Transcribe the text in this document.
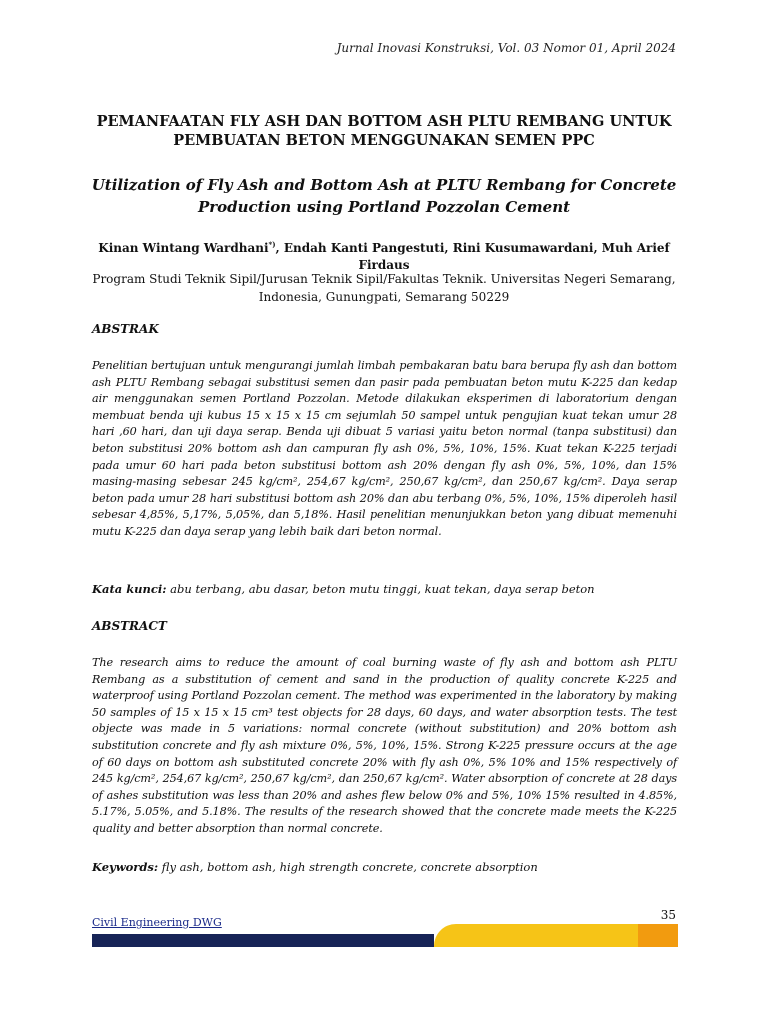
Jurnal Inovasi Konstruksi, Vol. 03 Nomor 01, April 2024
PEMANFAATAN FLY ASH DAN BOTTOM ASH PLTU REMBANG UNTUK
PEMBUATAN BETON MENGGUNAKAN SEMEN PPC
Utilization of Fly Ash and Bottom Ash at PLTU Rembang for Concrete
Production using Portland Pozzolan Cement
Kinan Wintang Wardhani*), Endah Kanti Pangestuti, Rini Kusumawardani, Muh Arief Firdaus
Program Studi Teknik Sipil/Jurusan Teknik Sipil/Fakultas Teknik. Universitas Negeri Semarang,
Indonesia, Gunungpati, Semarang 50229
ABSTRAK
Penelitian bertujuan untuk mengurangi jumlah limbah pembakaran batu bara berupa fly ash dan bottom ash PLTU Rembang sebagai substitusi semen dan pasir pada pembuatan beton mutu K-225 dan kedap air menggunakan semen Portland Pozzolan. Metode dilakukan eksperimen di laboratorium dengan membuat benda uji kubus 15 x 15 x 15 cm sejumlah 50 sampel untuk pengujian kuat tekan umur 28 hari ,60 hari, dan uji daya serap. Benda uji dibuat 5 variasi yaitu beton normal (tanpa substitusi) dan beton substitusi 20% bottom ash dan campuran fly ash 0%, 5%, 10%, 15%. Kuat tekan K-225 terjadi pada umur 60 hari pada beton substitusi bottom ash 20% dengan fly ash 0%, 5%, 10%, dan 15% masing-masing sebesar 245 kg/cm², 254,67 kg/cm², 250,67 kg/cm², dan 250,67 kg/cm². Daya serap beton pada umur 28 hari substitusi bottom ash 20% dan abu terbang 0%, 5%, 10%, 15% diperoleh hasil sebesar 4,85%, 5,17%, 5,05%, dan 5,18%. Hasil penelitian menunjukkan beton yang dibuat memenuhi mutu K-225 dan daya serap yang lebih baik dari beton normal.
Kata kunci: abu terbang, abu dasar, beton mutu tinggi, kuat tekan, daya serap beton
ABSTRACT
The research aims to reduce the amount of coal burning waste of fly ash and bottom ash PLTU Rembang as a substitution of cement and sand in the production of quality concrete K-225 and waterproof using Portland Pozzolan cement. The method was experimented in the laboratory by making 50 samples of 15 x 15 x 15 cm³ test objects for 28 days, 60 days, and water absorption tests. The test objecte was made in 5 variations: normal concrete (without substitution) and 20% bottom ash substitution concrete and fly ash mixture 0%, 5%, 10%, 15%. Strong K-225 pressure occurs at the age of 60 days on bottom ash substituted concrete 20% with fly ash 0%, 5% 10% and 15% respectively of 245 kg/cm², 254,67 kg/cm², 250,67 kg/cm², dan 250,67 kg/cm². Water absorption of concrete at 28 days of ashes substitution was less than 20% and ashes flew below 0% and 5%, 10% 15% resulted in 4.85%, 5.17%, 5.05%, and 5.18%. The results of the research showed that the concrete made meets the K-225 quality and better absorption than normal concrete.
Keywords: fly ash, bottom ash, high strength concrete, concrete absorption
35
Civil Engineering DWG
